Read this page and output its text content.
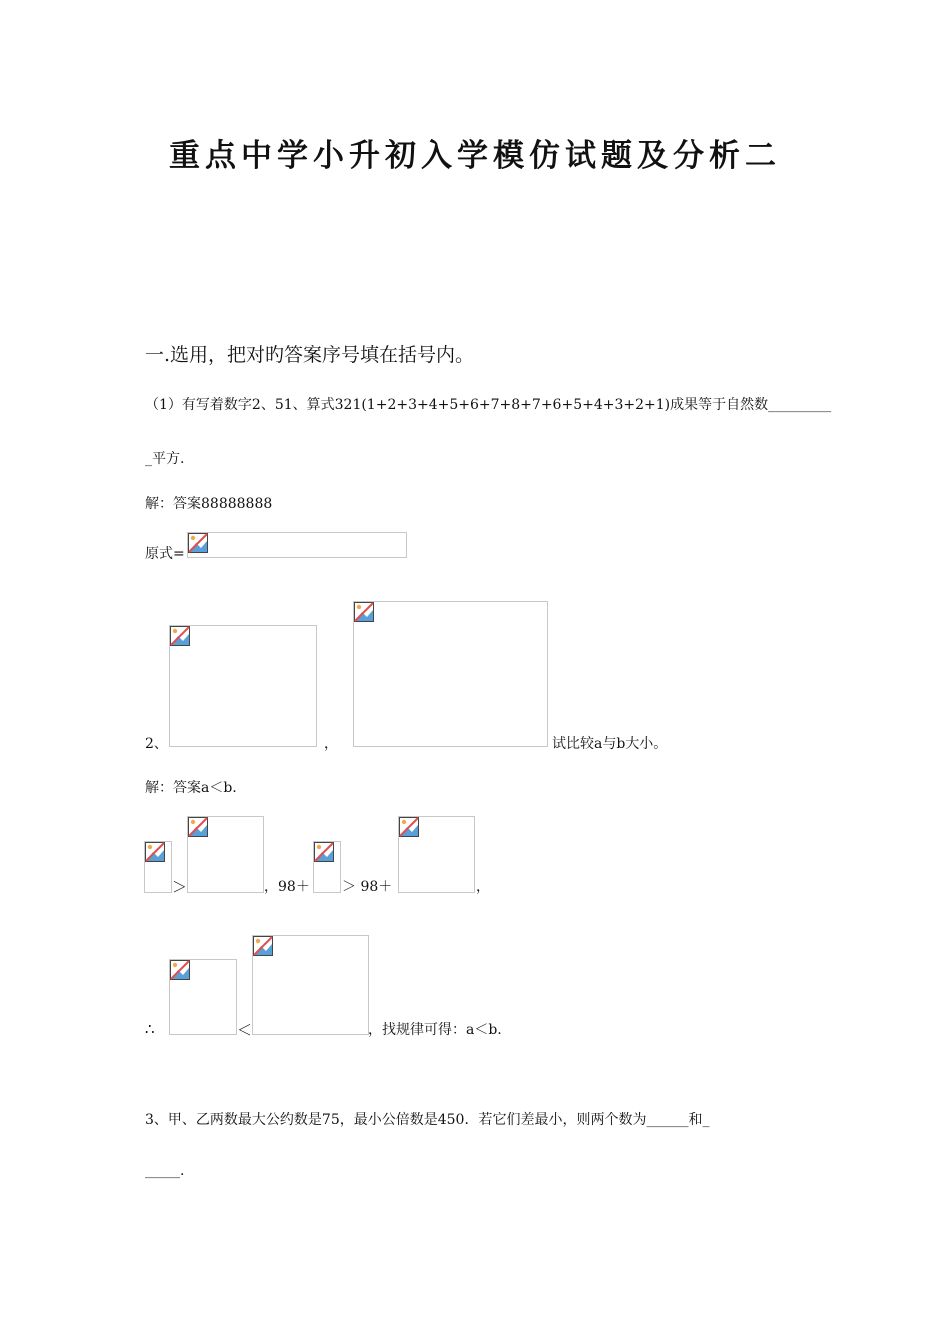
重点中学小升初入学模仿试题及分析二
一.选用，把对旳答案序号填在括号内。
（1）有写着数字2、51、算式321(1+2+3+4+5+6+7+8+7+6+5+4+3+2+1)成果等于自然数_________
_平方.
解：答案88888888
原式=
2、	，	试比较a与b大小。
解：答案a＜b.
＞	，98＋ ＞ 98＋	，
∴	＜	，找规律可得：a＜b.
3、甲、乙两数最大公约数是75，最小公倍数是450．若它们差最小，则两个数为______和_
_____.
